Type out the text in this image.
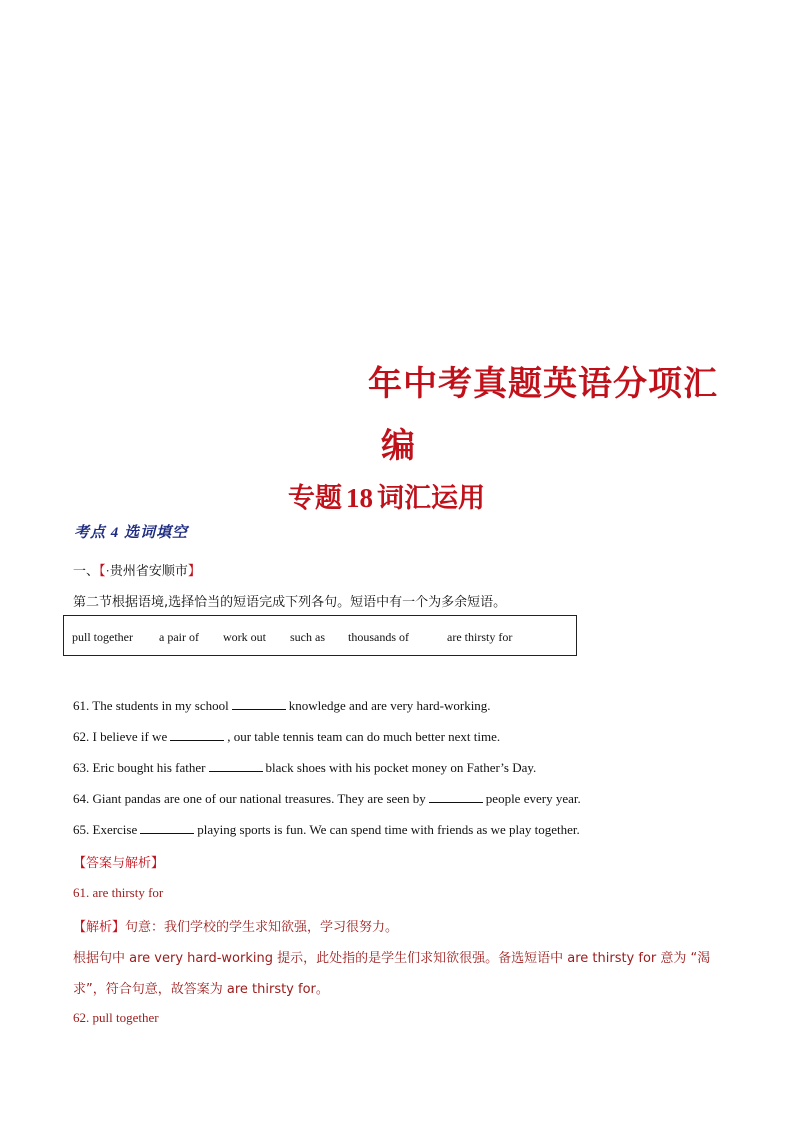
年中考真题英语分项汇
编
专题 18 词汇运用
考点 4 选词填空
一、【·贵州省安顺市】
第二节根据语境,选择恰当的短语完成下列各句。短语中有一个为多余短语。
pull together a pair of work out such as thousands of	are thirsty for
61. The students in my school	knowledge and are very hard-working.
62. I believe if we	, our table tennis team can do much better next time.
63. Eric bought his father	black shoes with his pocket money on Father’s Day.
64. Giant pandas are one of our national treasures. They are seen by	people every year.
65. Exercise	playing sports is fun. We can spend time with friends as we play together.
【答案与解析】
61. are thirsty for
【解析】句意：我们学校的学生求知欲强，学习很努力。
根据句中 are very hard-working 提示，此处指的是学生们求知欲很强。备选短语中 are thirsty for 意为 “渴
求”，符合句意，故答案为 are thirsty for。
62. pull together
